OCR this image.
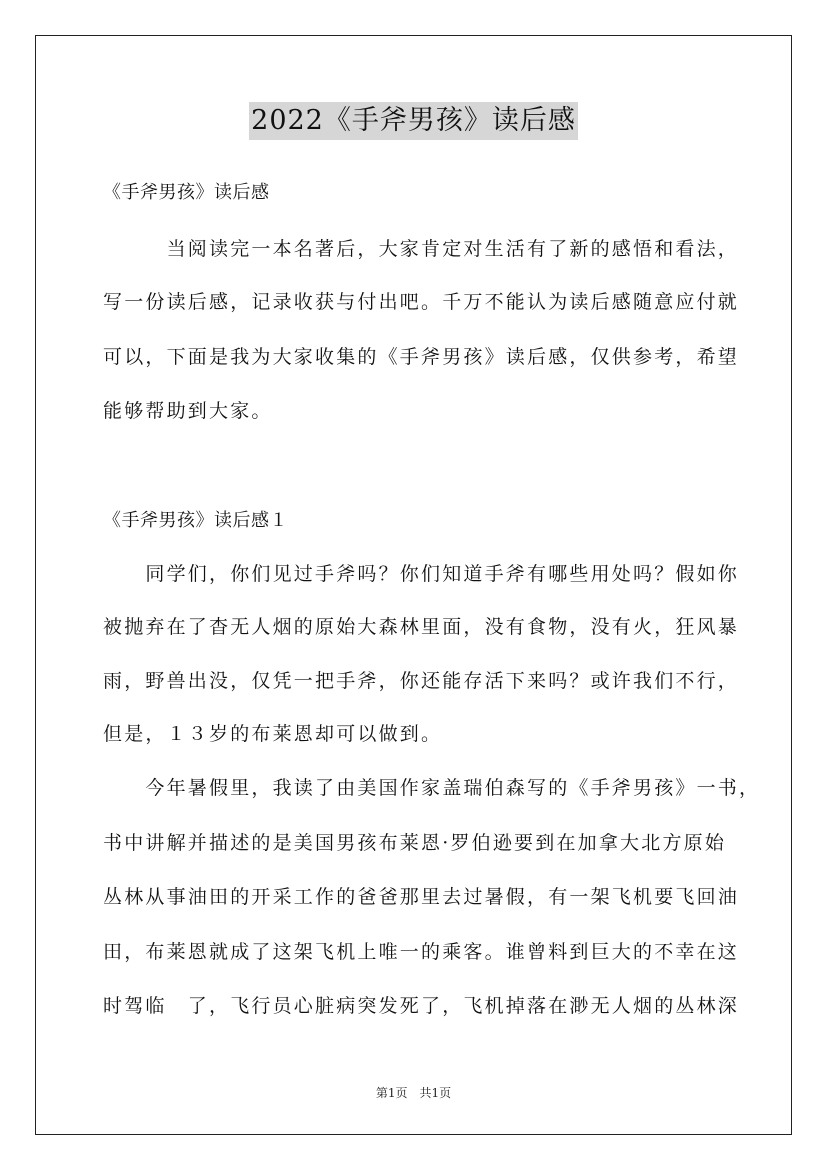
2022《手斧男孩》读后感
《手斧男孩》读后感
　　　当阅读完一本名著后，大家肯定对生活有了新的感悟和看法，
写一份读后感，记录收获与付出吧。千万不能认为读后感随意应付就
可以，下面是我为大家收集的《手斧男孩》读后感，仅供参考，希望
能够帮助到大家。
《手斧男孩》读后感１
　　同学们，你们见过手斧吗？你们知道手斧有哪些用处吗？假如你
被抛弃在了杳无人烟的原始大森林里面，没有食物，没有火，狂风暴
雨，野兽出没，仅凭一把手斧，你还能存活下来吗？或许我们不行，
但是，１３岁的布莱恩却可以做到。
　　今年暑假里，我读了由美国作家盖瑞伯森写的《手斧男孩》一书，
书中讲解并描述的是美国男孩布莱恩·罗伯逊要到在加拿大北方原始
丛林从事油田的开采工作的爸爸那里去过暑假，有一架飞机要飞回油
田，布莱恩就成了这架飞机上唯一的乘客。谁曾料到巨大的不幸在这
时驾临　了，飞行员心脏病突发死了，飞机掉落在渺无人烟的丛林深
第1页　共1页
